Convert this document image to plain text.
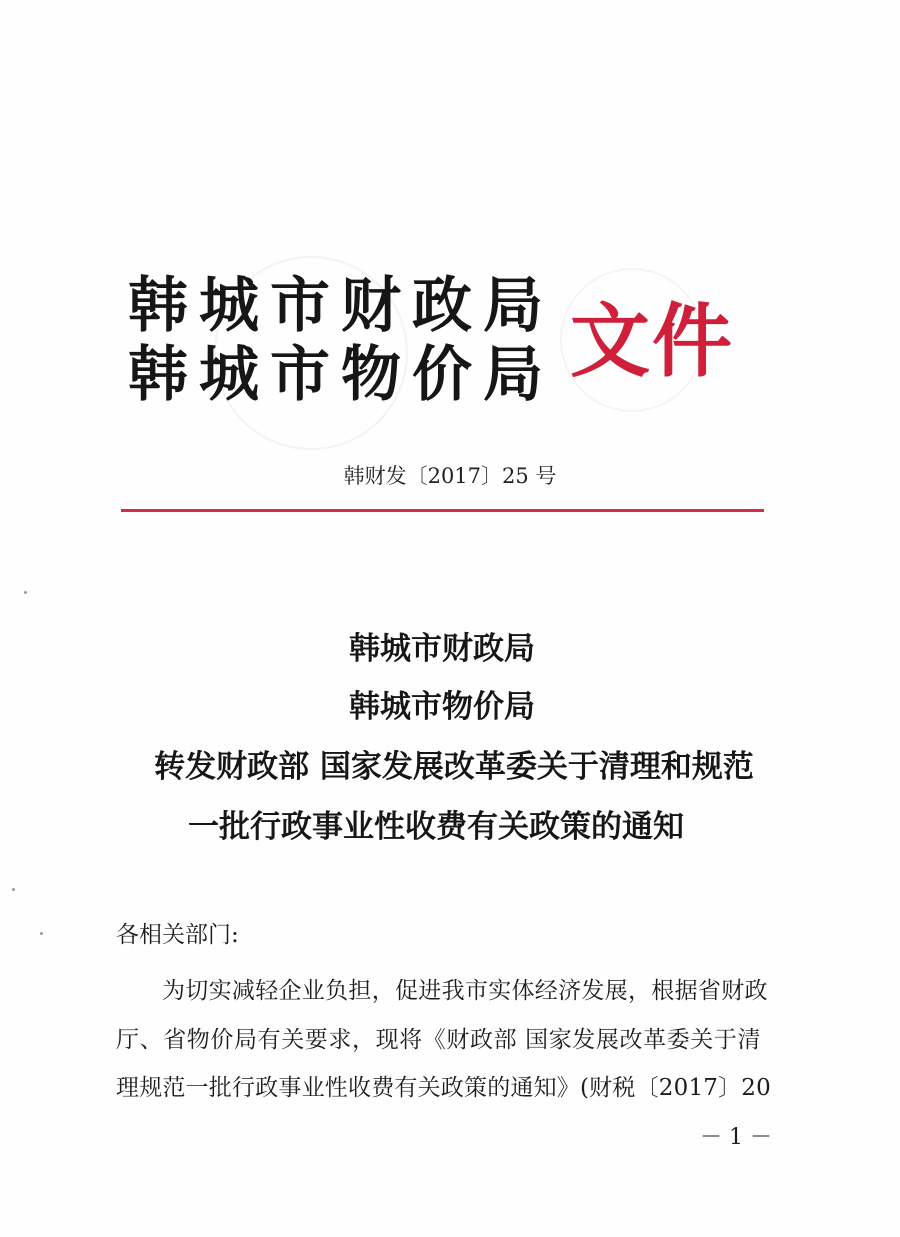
韩城市财政局
韩城市物价局 文件
韩财发〔2017〕25 号
韩城市财政局
韩城市物价局
转发财政部 国家发展改革委关于清理和规范
一批行政事业性收费有关政策的通知
各相关部门:
为切实减轻企业负担，促进我市实体经济发展，根据省财政
厅、省物价局有关要求，现将《财政部 国家发展改革委关于清
理规范一批行政事业性收费有关政策的通知》(财税〔2017〕20
－ 1 －
